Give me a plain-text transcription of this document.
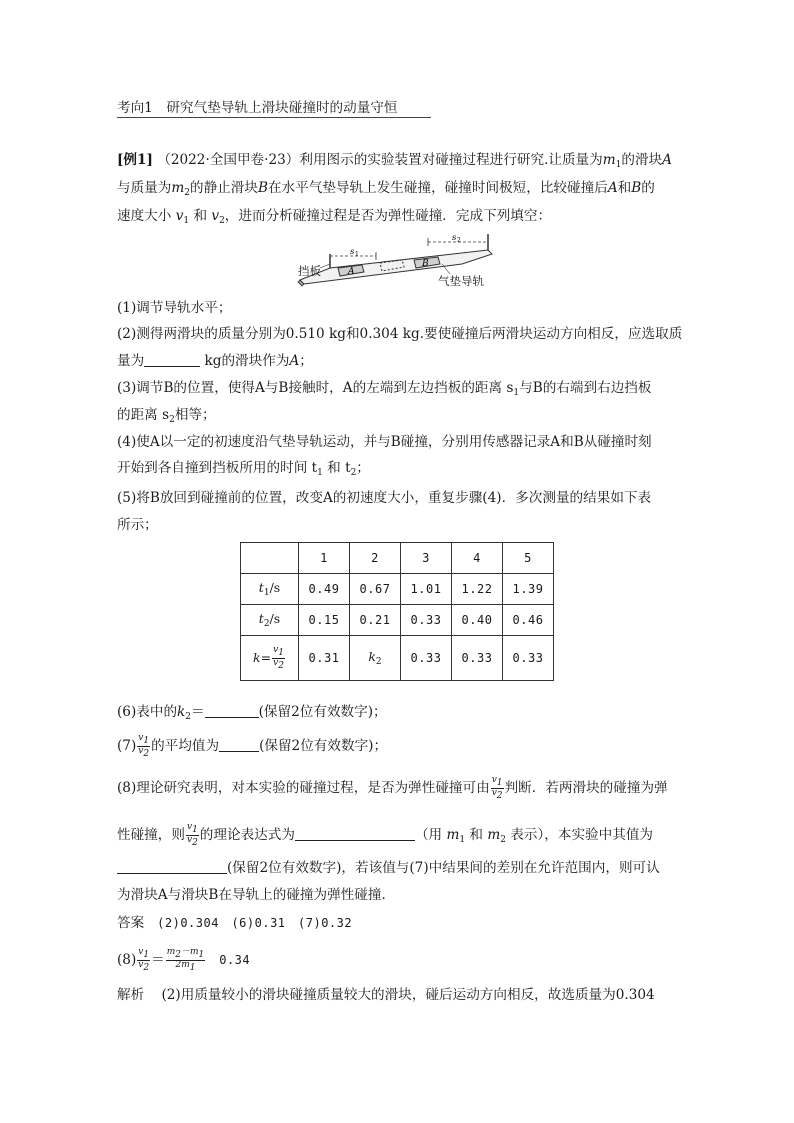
考向1　研究气垫导轨上滑块碰撞时的动量守恒
[例1] （2022·全国甲卷·23）利用图示的实验装置对碰撞过程进行研究.让质量为$m_1$的滑块A
与质量为$m_2$的静止滑块B在水平气垫导轨上发生碰撞，碰撞时间极短，比较碰撞后A和B的
速度大小 $v_1$ 和 $v_2$，进而分析碰撞过程是否为弹性碰撞．完成下列填空：
A
B
s 1
s 2
挡板
气垫导轨
(1)调节导轨水平；
(2)测得两滑块的质量分别为0.510 kg和0.304 kg.要使碰撞后两滑块运动方向相反，应选取质
量为	kg的滑块作为A；
(3)调节B的位置，使得A与B接触时，A的左端到左边挡板的距离 $s_1$与B的右端到右边挡板
的距离 $s_2$相等；
(4)使A以一定的初速度沿气垫导轨运动，并与B碰撞，分别用传感器记录A和B从碰撞时刻
开始到各自撞到挡板所用的时间 $t_1$ 和 $t_2$；
(5)将B放回到碰撞前的位置，改变A的初速度大小，重复步骤(4)．多次测量的结果如下表
所示；
	1	2	3	4	5
$t_1/s$	0.49	0.67	1.01	1.22	1.39
$t_2/s$	0.15	0.21	0.33	0.40	0.46
$k= \frac{v_1}{v_2}$	0.31	$k_2$	0.33	0.33	0.33
(6)表中的$k_2=$	(保留2位有效数字)；
$(7) \frac{v_1}{v_2}$ 的平均值为	(保留2位有效数字)；
(8)理论研究表明，对本实验的碰撞过程，是否为弹性碰撞可由 $\frac{v_1}{v_2}$ 判断．若两滑块的碰撞为弹
性碰撞，则 $\frac{v_1}{v_2}$ 的理论表达式为	（用 $m_1$ 和 $m_2$ 表示），本实验中其值为
(保留2位有效数字)，若该值与(7)中结果间的差别在允许范围内，则可认
为滑块A与滑块B在导轨上的碰撞为弹性碰撞．
答案 (2)0.304　(6)0.31　(7)0.32
$(8) \frac{v_1}{v_2} = \frac{m_2-m_1}{2m_1} 0.34$
解析 (2)用质量较小的滑块碰撞质量较大的滑块，碰后运动方向相反，故选质量为0.304
